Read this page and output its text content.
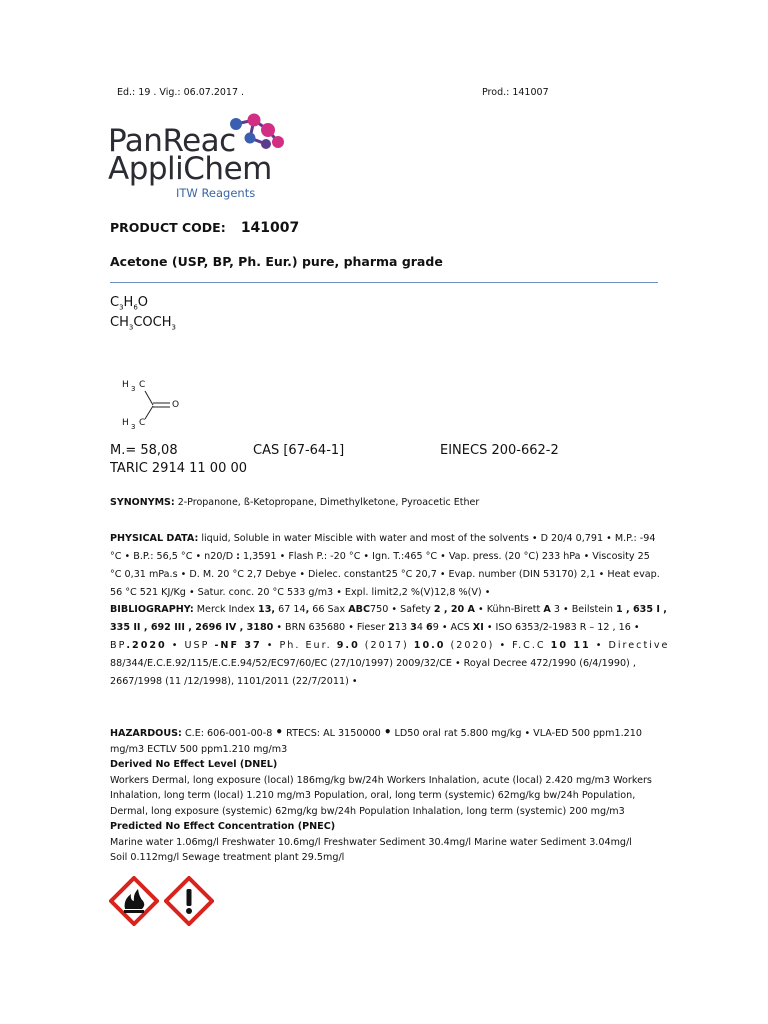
Ed.: 19 . Vig.: 06.07.2017 .	Prod.: 141007
PanReac
AppliChem
ITW Reagents
PRODUCT CODE: 141007
Acetone (USP, BP, Ph. Eur.) pure, pharma grade
$C_3H_6O$
$CH_3COCH_3$
H 3 C
O
H 3 C
M.= 58,08	CAS [67-64-1]	EINECS 200-662-2
TARIC 2914 11 00 00
SYNONYMS: 2-Propanone, ß-Ketopropane, Dimethylketone, Pyroacetic Ether

PHYSICAL DATA: liquid, Soluble in water Miscible with water and most of the solvents • D 20/4 0,791 • M.P.: -94

°C • B.P.: 56,5 °C • n20/D : 1,3591 • Flash P.: -20 °C • Ign. T.:465 °C • Vap. press. (20 °C) 233 hPa • Viscosity 25

°C 0,31 mPa.s • D. M. 20 °C 2,7 Debye • Dielec. constant25 °C 20,7 • Evap. number (DIN 53170) 2,1 • Heat evap.

56 °C 521 KJ/Kg • Satur. conc. 20 °C 533 g/m3 • Expl. limit2,2 %(V)12,8 %(V) •

BIBLIOGRAPHY: Merck Index 13, 67 14, 66 Sax ABC750 • Safety 2 , 20 A • Kühn-Birett A 3 • Beilstein 1 , 635 I ,

335 II , 692 III , 2696 IV , 3180 • BRN 635680 • Fieser 213 34 69 • ACS XI • ISO 6353/2-1983 R – 12 , 16 •

BP.2020 • USP -NF 37 • Ph. Eur. 9.0 (2017) 10.0 (2020) • F.C.C 10 11 • Directive

88/344/E.C.E.92/115/E.C.E.94/52/EC97/60/EC (27/10/1997) 2009/32/CE • Royal Decree 472/1990 (6/4/1990) ,

2667/1998 (11 /12/1998), 1101/2011 (22/7/2011) •

HAZARDOUS: C.E: 606-001-00-8 • RTECS: AL 3150000 • LD50 oral rat 5.800 mg/kg • VLA-ED 500 ppm1.210

mg/m3 ECTLV 500 ppm1.210 mg/m3

Derived No Effect Level (DNEL)

Workers Dermal, long exposure (local) 186mg/kg bw/24h Workers Inhalation, acute (local) 2.420 mg/m3 Workers

Inhalation, long term (local) 1.210 mg/m3 Population, oral, long term (systemic) 62mg/kg bw/24h Population,

Dermal, long exposure (systemic) 62mg/kg bw/24h Population Inhalation, long term (systemic) 200 mg/m3

Predicted No Effect Concentration (PNEC)

Marine water 1.06mg/l Freshwater 10.6mg/l Freshwater Sediment 30.4mg/l Marine water Sediment 3.04mg/l

Soil 0.112mg/l Sewage treatment plant 29.5mg/l
